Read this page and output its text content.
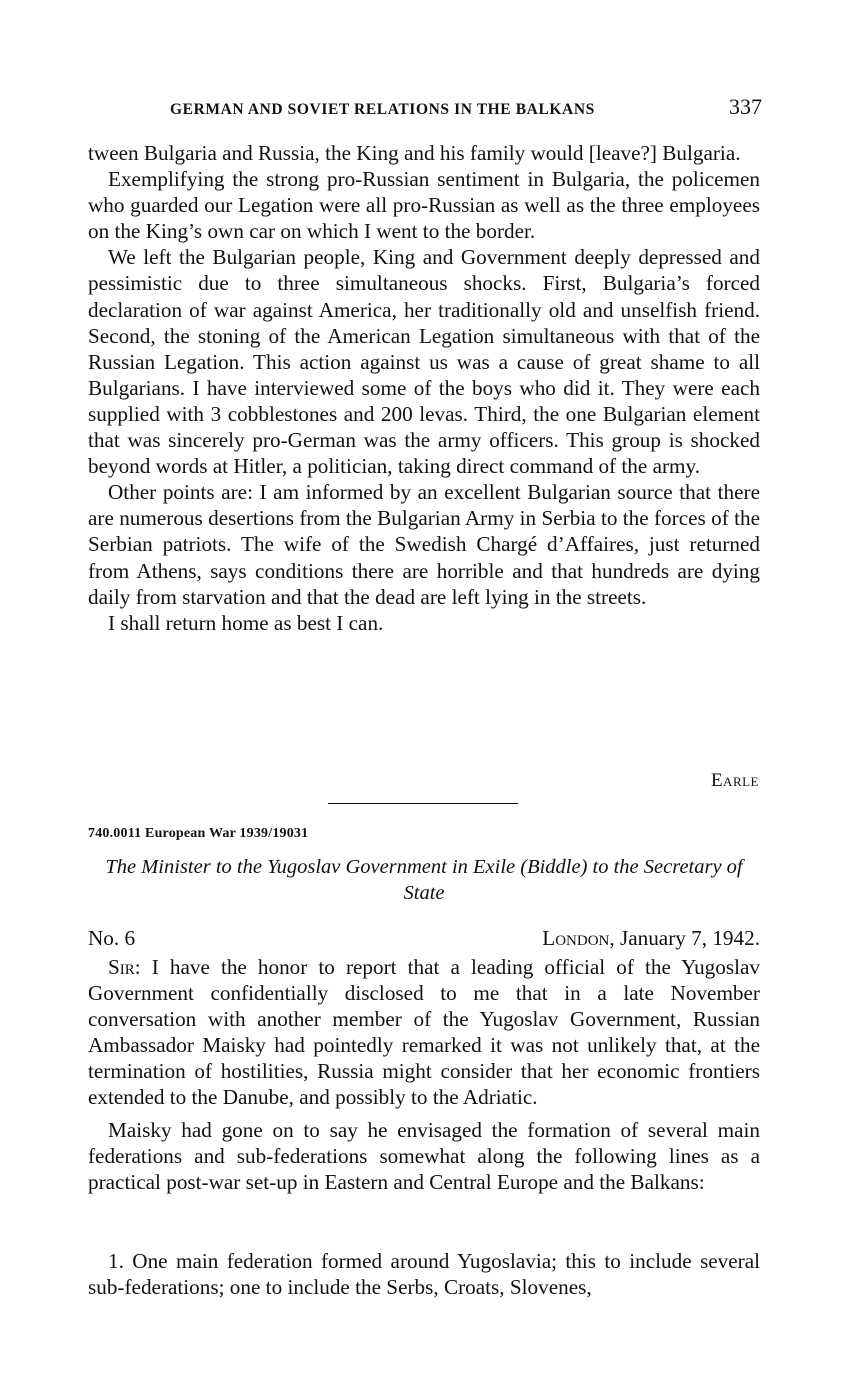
GERMAN AND SOVIET RELATIONS IN THE BALKANS	337

tween Bulgaria and Russia, the King and his family would [leave?] Bulgaria.

Exemplifying the strong pro-Russian sentiment in Bulgaria, the policemen who guarded our Legation were all pro-Russian as well as the three employees on the King’s own car on which I went to the border.

We left the Bulgarian people, King and Government deeply depressed and pessimistic due to three simultaneous shocks. First, Bulgaria’s forced declaration of war against America, her traditionally old and unselfish friend. Second, the stoning of the American Legation simultaneous with that of the Russian Legation. This action against us was a cause of great shame to all Bulgarians. I have interviewed some of the boys who did it. They were each supplied with 3 cobblestones and 200 levas. Third, the one Bulgarian element that was sincerely pro-German was the army officers. This group is shocked beyond words at Hitler, a politician, taking direct command of the army.

Other points are: I am informed by an excellent Bulgarian source that there are numerous desertions from the Bulgarian Army in Serbia to the forces of the Serbian patriots. The wife of the Swedish Chargé d’Affaires, just returned from Athens, says conditions there are horrible and that hundreds are dying daily from starvation and that the dead are left lying in the streets.

I shall return home as best I can.

Earle
740.0011 European War 1939/19031
The Minister to the Yugoslav Government in Exile (Biddle) to the Secretary of State
No. 6	London, January 7, 1942.

Sir: I have the honor to report that a leading official of the Yugoslav Government confidentially disclosed to me that in a late November conversation with another member of the Yugoslav Government, Russian Ambassador Maisky had pointedly remarked it was not unlikely that, at the termination of hostilities, Russia might consider that her economic frontiers extended to the Danube, and possibly to the Adriatic.

Maisky had gone on to say he envisaged the formation of several main federations and sub-federations somewhat along the following lines as a practical post-war set-up in Eastern and Central Europe and the Balkans:

1. One main federation formed around Yugoslavia; this to include several sub-federations; one to include the Serbs, Croats, Slovenes,
